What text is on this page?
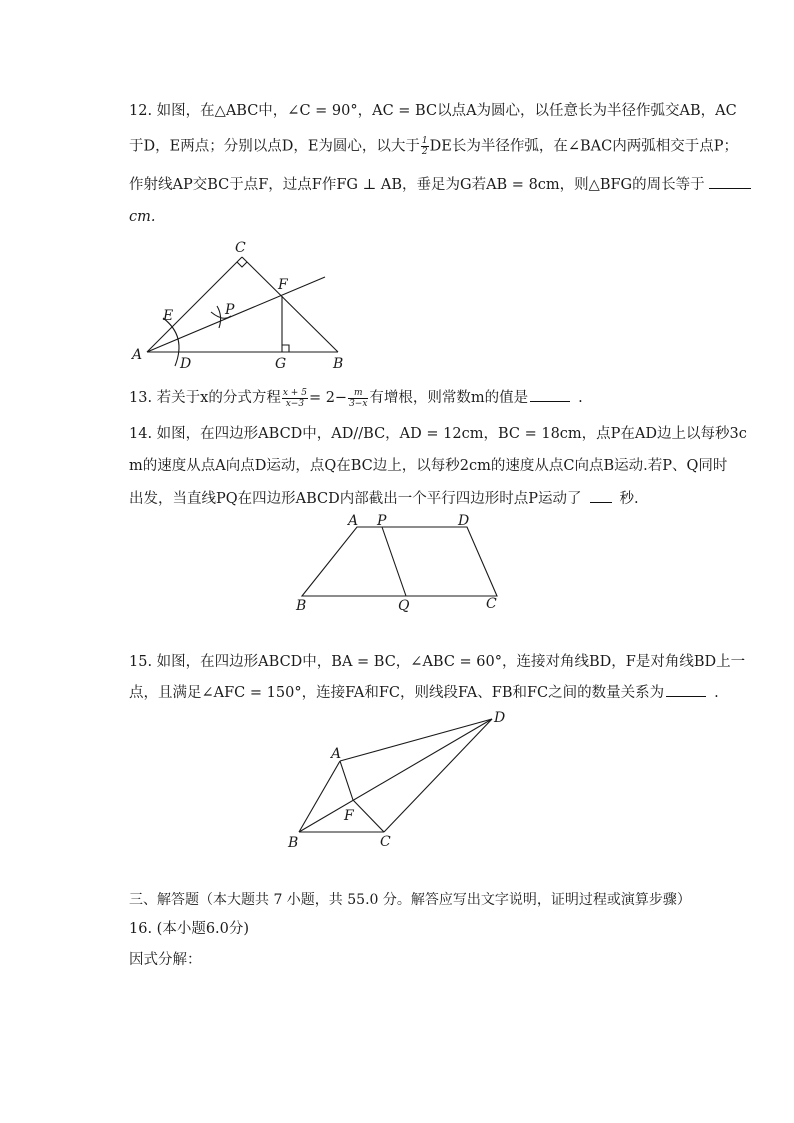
12. 如图，在△ABC中，∠C = 90°，AC = BC以点A为圆心，以任意长为半径作弧交AB，AC
于D，E两点；分别以点D，E为圆心，以大于 $\frac{1}{2}$ DE长为半径作弧，在∠BAC内两弧相交于点P；
作射线AP交BC于点F，过点F作FG ⊥ AB，垂足为G若AB = 8cm，则△BFG的周长等于
cm.
C
F
E	P
A
D	G	B
13. 若关于x的分式方程 $\frac{x + 5}{x-3} = 2- \frac{m}{3-x}$ 有增根，则常数m的值是	.
14. 如图，在四边形ABCD中，AD//BC，AD = 12cm，BC = 18cm，点P在AD边上以每秒3c
m的速度从点A向点D运动，点Q在BC边上，以每秒2cm的速度从点C向点B运动.若P、Q同时
出发，当直线PQ在四边形ABCD内部截出一个平行四边形时点P运动了	秒.
A P	D
B	Q	C
15. 如图，在四边形ABCD中，BA = BC，∠ABC = 60°，连接对角线BD，F是对角线BD上一
点，且满足∠AFC = 150°，连接FA和FC，则线段FA、FB和FC之间的数量关系为	.
D
A
F
B	C
三、解答题（本大题共 7 小题，共 55.0 分。解答应写出文字说明，证明过程或演算步骤）
16. (本小题6.0分)
因式分解：
